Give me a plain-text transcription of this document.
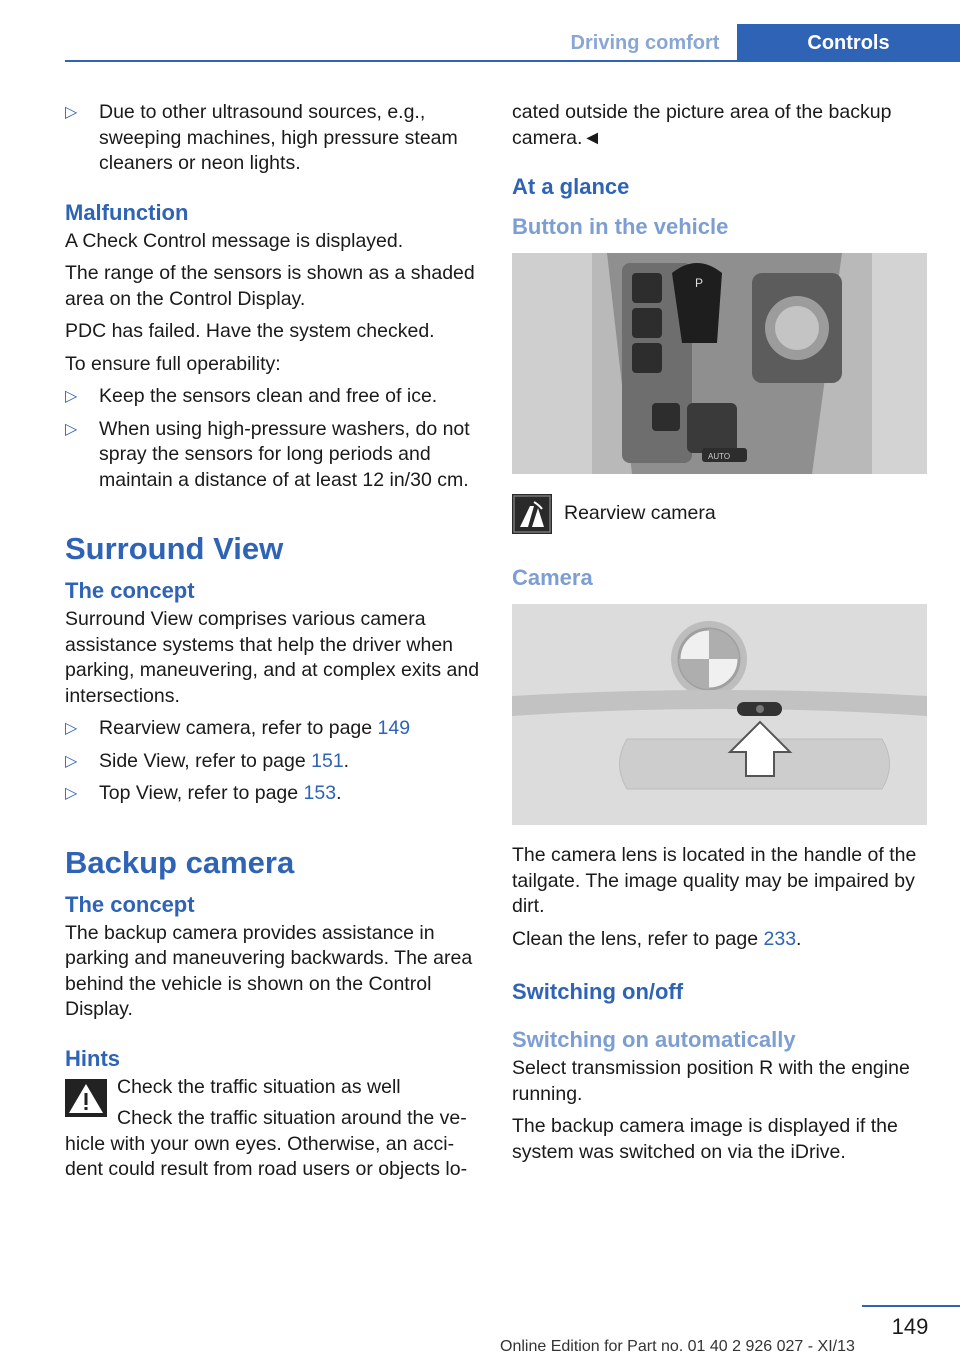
Driving comfort	Controls
▷	Due to other ultrasound sources, e.g., sweeping machines, high pressure steam cleaners or neon lights.
Malfunction

A Check Control message is displayed.

The range of the sensors is shown as a shaded area on the Control Display.

PDC has failed. Have the system checked.

To ensure full operability:

▷	Keep the sensors clean and free of ice.
▷	When using high-pressure washers, do not spray the sensors for long periods and maintain a distance of at least 12 in/30 cm.
Surround View
The concept

Surround View comprises various camera assistance systems that help the driver when parking, maneuvering, and at complex exits and intersections.

▷	Rearview camera, refer to page 149
▷	Side View, refer to page 151.
▷	Top View, refer to page 153.
Backup camera
The concept

The backup camera provides assistance in parking and maneuvering backwards. The area behind the vehicle is shown on the Control Display.

Hints
Check the traffic situation as well
Check the traffic situation around the ve-

hicle with your own eyes. Otherwise, an acci-dent could result from road users or objects lo-

cated outside the picture area of the backup camera.◄

At a glance
Button in the vehicle
P
AUTO
Rearview camera
Camera

The camera lens is located in the handle of the tailgate. The image quality may be impaired by dirt.

Clean the lens, refer to page 233.

Switching on/off
Switching on automatically

Select transmission position R with the engine running.

The backup camera image is displayed if the system was switched on via the iDrive.

149
Online Edition for Part no. 01 40 2 926 027 - XI/13
